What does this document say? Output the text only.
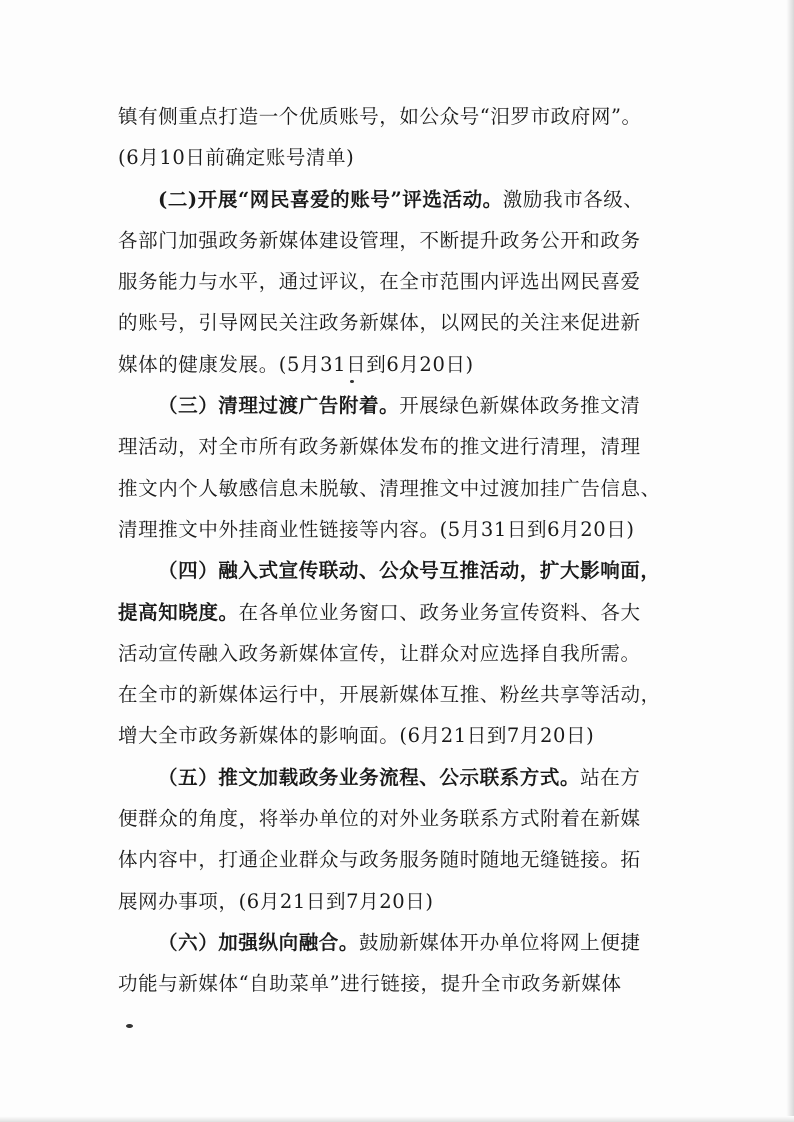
镇有侧重点打造一个优质账号，如公众号“汨罗市政府网”。
(6月10日前确定账号清单)
(二)开展“网民喜爱的账号”评选活动。激励我市各级、
各部门加强政务新媒体建设管理，不断提升政务公开和政务
服务能力与水平，通过评议，在全市范围内评选出网民喜爱
的账号，引导网民关注政务新媒体，以网民的关注来促进新
媒体的健康发展。(5月31日到6月20日)
（三）清理过渡广告附着。开展绿色新媒体政务推文清
理活动，对全市所有政务新媒体发布的推文进行清理，清理
推文内个人敏感信息未脱敏、清理推文中过渡加挂广告信息、
清理推文中外挂商业性链接等内容。(5月31日到6月20日)
（四）融入式宣传联动、公众号互推活动，扩大影响面，
提高知晓度。在各单位业务窗口、政务业务宣传资料、各大
活动宣传融入政务新媒体宣传，让群众对应选择自我所需。
在全市的新媒体运行中，开展新媒体互推、粉丝共享等活动，
增大全市政务新媒体的影响面。(6月21日到7月20日)
（五）推文加载政务业务流程、公示联系方式。站在方
便群众的角度，将举办单位的对外业务联系方式附着在新媒
体内容中，打通企业群众与政务服务随时随地无缝链接。拓
展网办事项，(6月21日到7月20日)
（六）加强纵向融合。鼓励新媒体开办单位将网上便捷
功能与新媒体“自助菜单”进行链接，提升全市政务新媒体
